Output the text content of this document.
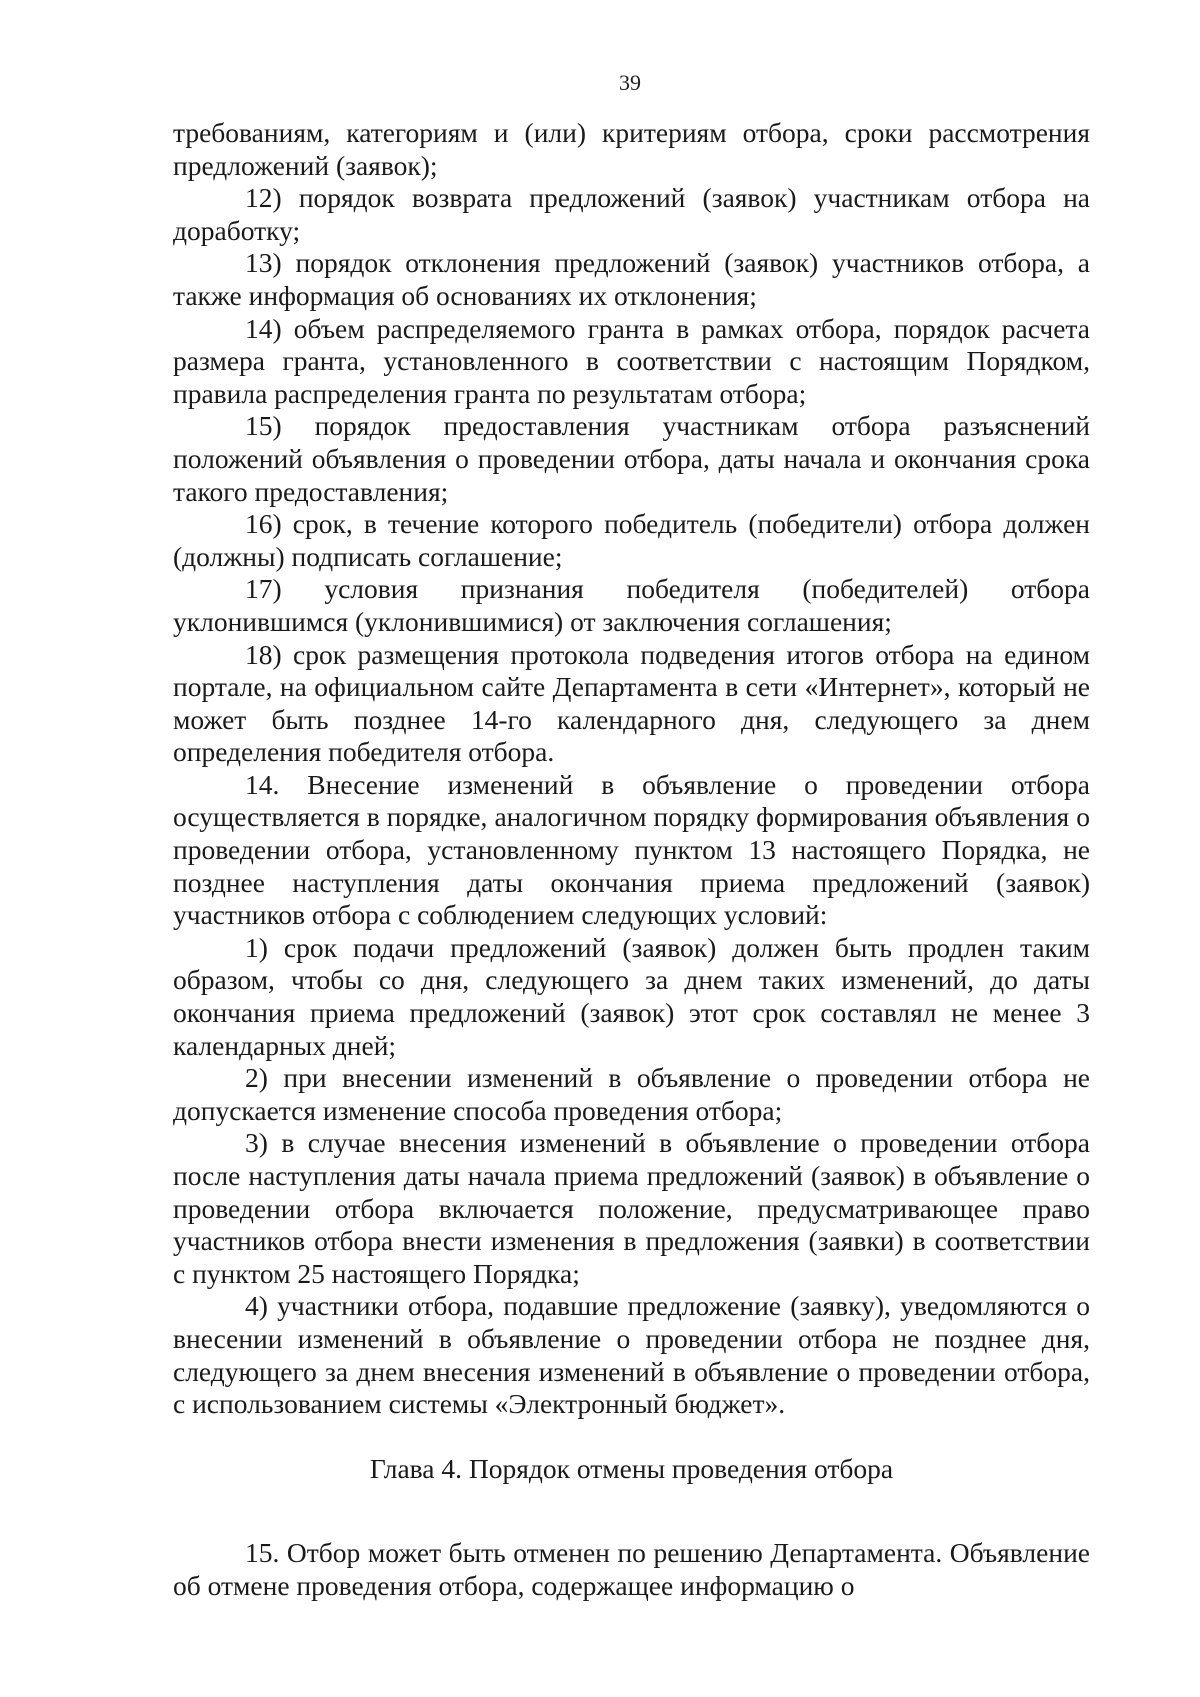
39

требованиям, категориям и (или) критериям отбора, сроки рассмотрения предложений (заявок);

12) порядок возврата предложений (заявок) участникам отбора на доработку;

13) порядок отклонения предложений (заявок) участников отбора, а также информация об основаниях их отклонения;

14) объем распределяемого гранта в рамках отбора, порядок расчета размера гранта, установленного в соответствии с настоящим Порядком, правила распределения гранта по результатам отбора;

15) порядок предоставления участникам отбора разъяснений положений объявления о проведении отбора, даты начала и окончания срока такого предоставления;

16) срок, в течение которого победитель (победители) отбора должен (должны) подписать соглашение;

17) условия признания победителя (победителей) отбора уклонившимся (уклонившимися) от заключения соглашения;

18) срок размещения протокола подведения итогов отбора на едином портале, на официальном сайте Департамента в сети «Интернет», который не может быть позднее 14-го календарного дня, следующего за днем определения победителя отбора.

14. Внесение изменений в объявление о проведении отбора осуществляется в порядке, аналогичном порядку формирования объявления о проведении отбора, установленному пунктом 13 настоящего Порядка, не позднее наступления даты окончания приема предложений (заявок) участников отбора с соблюдением следующих условий:

1) срок подачи предложений (заявок) должен быть продлен таким образом, чтобы со дня, следующего за днем таких изменений, до даты окончания приема предложений (заявок) этот срок составлял не менее 3 календарных дней;

2) при внесении изменений в объявление о проведении отбора не допускается изменение способа проведения отбора;

3) в случае внесения изменений в объявление о проведении отбора после наступления даты начала приема предложений (заявок) в объявление о проведении отбора включается положение, предусматривающее право участников отбора внести изменения в предложения (заявки) в соответствии с пунктом 25 настоящего Порядка;

4) участники отбора, подавшие предложение (заявку), уведомляются о внесении изменений в объявление о проведении отбора не позднее дня, следующего за днем внесения изменений в объявление о проведении отбора, с использованием системы «Электронный бюджет».

Глава 4. Порядок отмены проведения отбора

15. Отбор может быть отменен по решению Департамента. Объявление об отмене проведения отбора, содержащее информацию о
